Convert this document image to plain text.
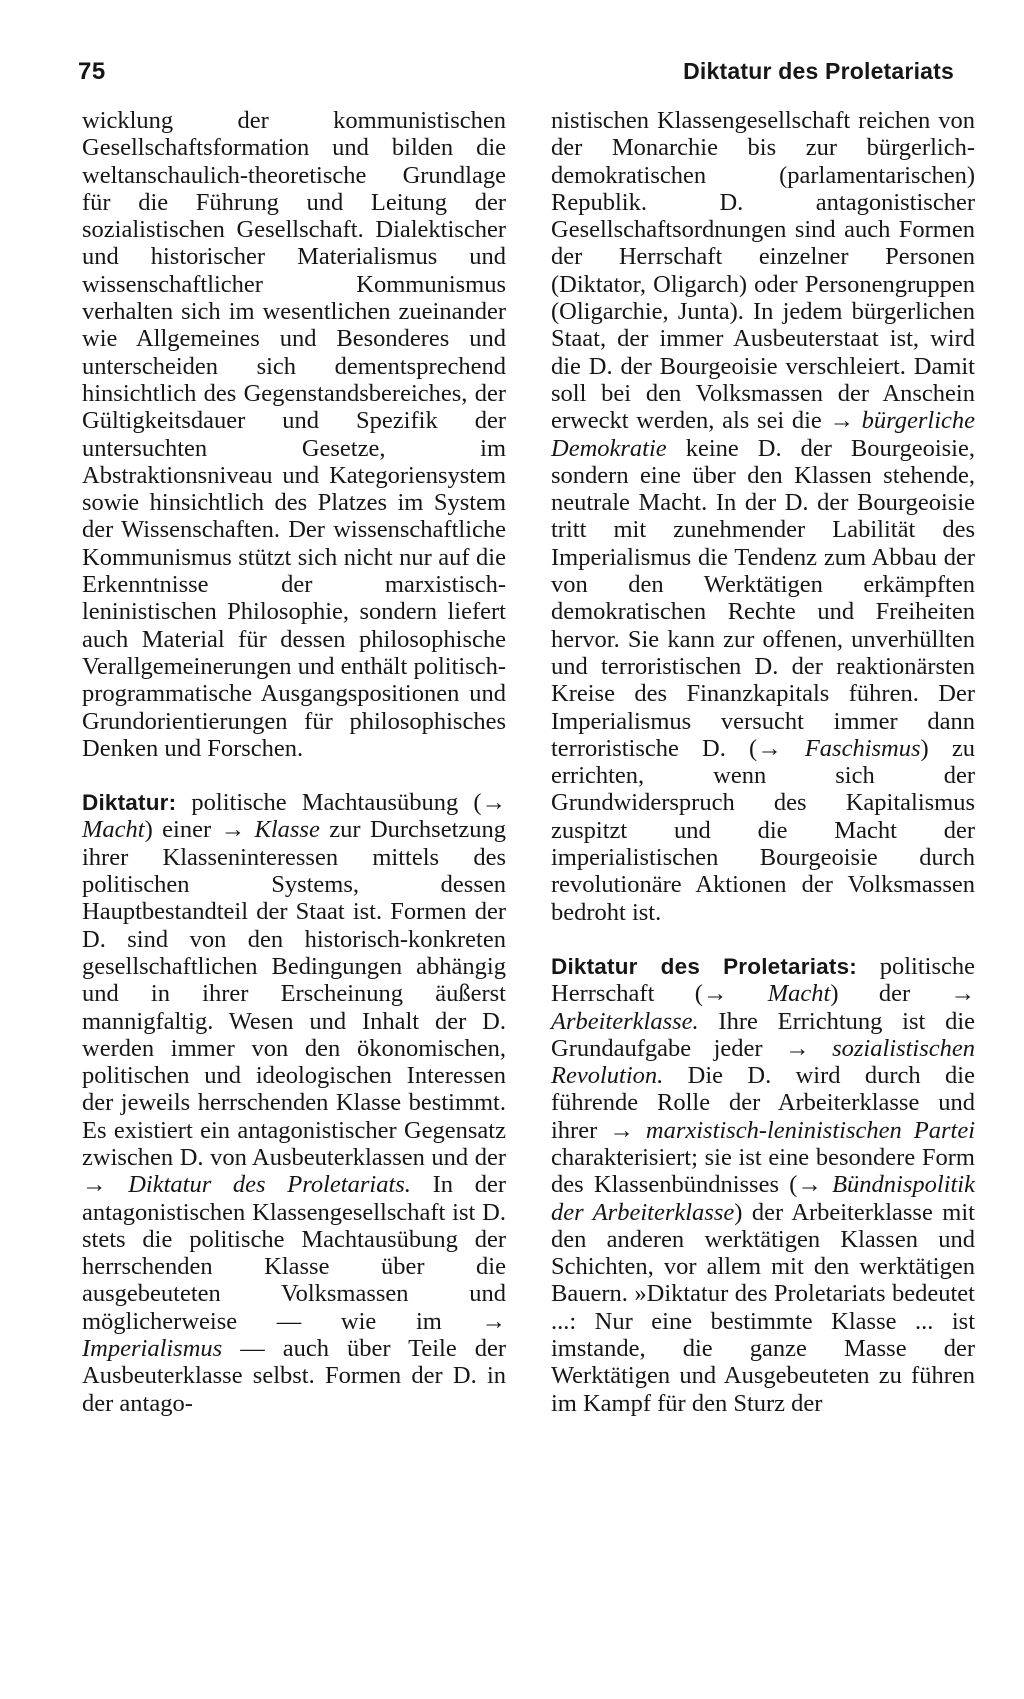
75	Diktatur des Proletariats

wicklung der kommunistischen Gesellschaftsformation und bilden die weltanschaulich-theoretische Grundlage für die Führung und Leitung der sozialistischen Gesellschaft. Dialektischer und historischer Materialismus und wissenschaftlicher Kommunismus verhalten sich im wesentlichen zueinander wie Allgemeines und Besonderes und unterscheiden sich dementsprechend hinsichtlich des Gegenstandsbereiches, der Gültigkeitsdauer und Spezifik der untersuchten Gesetze, im Abstraktionsniveau und Kategoriensystem sowie hinsichtlich des Platzes im System der Wissenschaften. Der wissenschaftliche Kommunismus stützt sich nicht nur auf die Erkenntnisse der marxistisch-leninistischen Philosophie, sondern liefert auch Material für dessen philosophische Verallgemeinerungen und enthält politisch-programmatische Ausgangspositionen und Grundorientierungen für philosophisches Denken und Forschen.

Diktatur: politische Machtausübung (→ Macht) einer → Klasse zur Durchsetzung ihrer Klasseninteressen mittels des politischen Systems, dessen Hauptbestandteil der Staat ist. Formen der D. sind von den historisch-konkreten gesellschaftlichen Bedingungen abhängig und in ihrer Erscheinung äußerst mannigfaltig. Wesen und Inhalt der D. werden immer von den ökonomischen, politischen und ideologischen Interessen der jeweils herrschenden Klasse bestimmt. Es existiert ein antagonistischer Gegensatz zwischen D. von Ausbeuterklassen und der → Diktatur des Proletariats. In der antagonistischen Klassengesellschaft ist D. stets die politische Machtausübung der herrschenden Klasse über die ausgebeuteten Volksmassen und möglicherweise — wie im → Imperialismus — auch über Teile der Ausbeuterklasse selbst. Formen der D. in der antago-

nistischen Klassengesellschaft reichen von der Monarchie bis zur bürgerlich-demokratischen (parlamentarischen) Republik. D. antagonistischer Gesellschaftsordnungen sind auch Formen der Herrschaft einzelner Personen (Diktator, Oligarch) oder Personengruppen (Oligarchie, Junta). In jedem bürgerlichen Staat, der immer Ausbeuterstaat ist, wird die D. der Bourgeoisie verschleiert. Damit soll bei den Volksmassen der Anschein erweckt werden, als sei die → bürgerliche Demokratie keine D. der Bourgeoisie, sondern eine über den Klassen stehende, neutrale Macht. In der D. der Bourgeoisie tritt mit zunehmender Labilität des Imperialismus die Tendenz zum Abbau der von den Werktätigen erkämpften demokratischen Rechte und Freiheiten hervor. Sie kann zur offenen, unverhüllten und terroristischen D. der reaktionärsten Kreise des Finanzkapitals führen. Der Imperialismus versucht immer dann terroristische D. (→ Faschismus) zu errichten, wenn sich der Grundwiderspruch des Kapitalismus zuspitzt und die Macht der imperialistischen Bourgeoisie durch revolutionäre Aktionen der Volksmassen bedroht ist.

Diktatur des Proletariats: politische Herrschaft (→ Macht) der → Arbeiterklasse. Ihre Errichtung ist die Grundaufgabe jeder → sozialistischen Revolution. Die D. wird durch die führende Rolle der Arbeiterklasse und ihrer → marxistisch-leninistischen Partei charakterisiert; sie ist eine besondere Form des Klassenbündnisses (→ Bündnispolitik der Arbeiterklasse) der Arbeiterklasse mit den anderen werktätigen Klassen und Schichten, vor allem mit den werktätigen Bauern. »Diktatur des Proletariats bedeutet ...: Nur eine bestimmte Klasse ... ist imstande, die ganze Masse der Werktätigen und Ausgebeuteten zu führen im Kampf für den Sturz der
